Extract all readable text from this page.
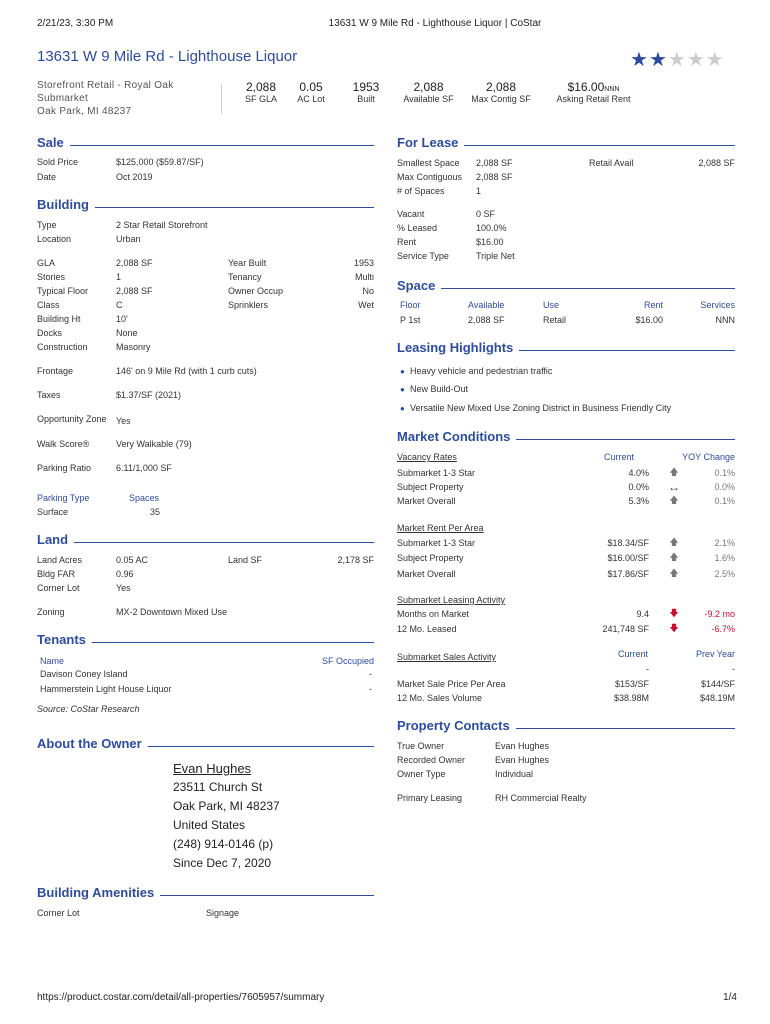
2/21/23, 3:30 PM	13631 W 9 Mile Rd - Lighthouse Liquor | CoStar
13631 W 9 Mile Rd - Lighthouse Liquor	★ ★ ★ ★ ★
Storefront Retail - Royal Oak
Submarket
Oak Park, MI 48237
2,088
SF GLA
0.05
AC Lot
1953
Built
2,088
Available SF
2,088
Max Contig SF
$16.00NNN
Asking Retail Rent
Sale
Sold Price	$125,000 ($59.87/SF)
Date	Oct 2019
Building
Type	2 Star Retail Storefront
Location	Urban
GLA	2,088 SF
Stories	1
Typical Floor	2,088 SF
Class	C
Building Ht	10'
Docks	None
Construction	Masonry
Year Built	1953
Tenancy	Multi
Owner Occup	No
Sprinklers	Wet
Frontage	146' on 9 Mile Rd (with 1 curb cuts)
Taxes	$1.37/SF (2021)
Opportunity Zone	Yes
Walk Score®	Very Walkable (79)
Parking Ratio	6.11/1,000 SF
Parking Type	Spaces
Surface	35
Land
Land Acres	0.05 AC
Bldg FAR	0.96
Corner Lot	Yes
Land SF	2,178 SF
Zoning	MX-2 Downtown Mixed Use
Tenants
Name	SF Occupied
Davison Coney Island	-
Hammerstein Light House Liquor	-
Source: CoStar Research
About the Owner
Evan Hughes
23511 Church St
Oak Park, MI 48237
United States
(248) 914-0146 (p)
Since Dec 7, 2020
Building Amenities
Corner Lot	Signage
For Lease
Smallest Space	2,088 SF
Max Contiguous	2,088 SF
# of Spaces	1
Retail Avail	2,088 SF
Vacant	0 SF
% Leased	100.0%
Rent	$16.00
Service Type	Triple Net
Space
Floor	Available	Use	Rent	Services
P 1st	2,088 SF	Retail	$16.00	NNN
Leasing Highlights
● Heavy vehicle and pedestrian traffic
● New Build-Out
● Versatile New Mixed Use Zoning District in Business Friendly City
Market Conditions
Vacancy Rates	Current	YOY Change
Submarket 1-3 Star	4.0%	🡅	0.1%
Subject Property	0.0%	↔	0.0%
Market Overall	5.3%	🡅	0.1%
Market Rent Per Area
Submarket 1-3 Star	$18.34/SF	🡅	2.1%
Subject Property	$16.00/SF	🡅	1.6%
Market Overall	$17.86/SF	🡅	2.5%
Submarket Leasing Activity
Months on Market	9.4	🡇	-9.2 mo
12 Mo. Leased	241,748 SF	🡇	-6.7%
Submarket Sales Activity	Current	Prev Year
-	-
Market Sale Price Per Area	$153/SF	$144/SF
12 Mo. Sales Volume	$38.98M	$48.19M
Property Contacts
True Owner	Evan Hughes
Recorded Owner	Evan Hughes
Owner Type	Individual
Primary Leasing	RH Commercial Realty
https://product.costar.com/detail/all-properties/7605957/summary	1/4
